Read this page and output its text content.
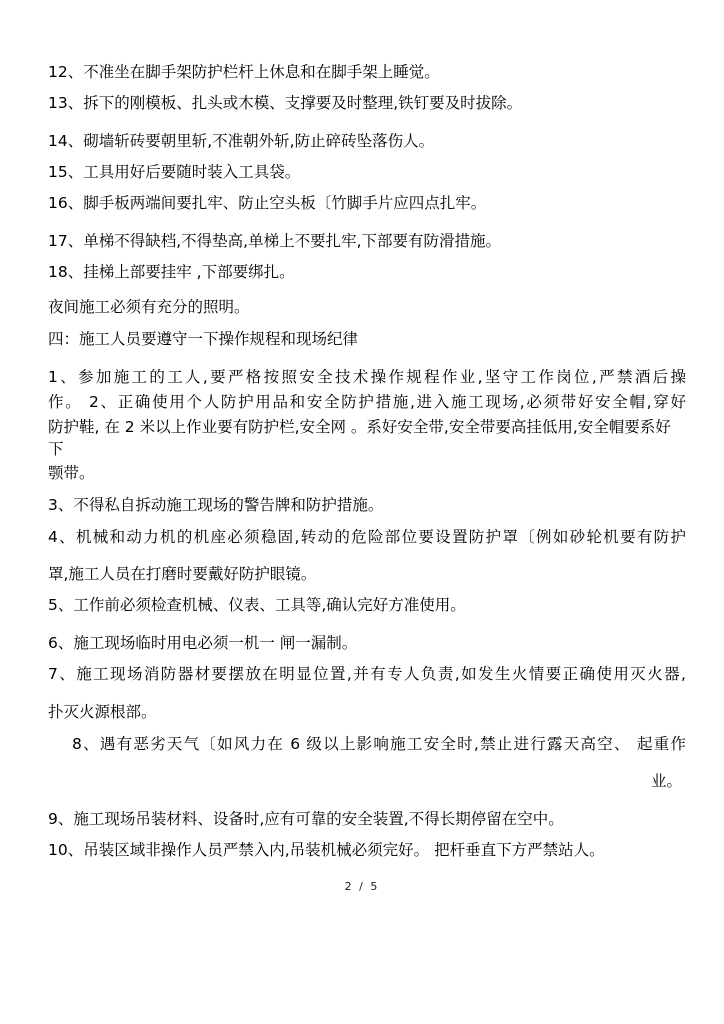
12、不准坐在脚手架防护栏杆上休息和在脚手架上睡觉。
13、拆下的刚模板、扎头或木模、支撑要及时整理,铁钉要及时拔除。
14、砌墙斩砖要朝里斩,不准朝外斩,防止碎砖坠落伤人。
15、工具用好后要随时装入工具袋。
16、脚手板两端间要扎牢、防止空头板〔竹脚手片应四点扎牢。
17、单梯不得缺档,不得垫高,单梯上不要扎牢,下部要有防滑措施。
18、挂梯上部要挂牢 ,下部要绑扎。
夜间施工必须有充分的照明。
四：施工人员要遵守一下操作规程和现场纪律
1、参加施工的工人,要严格按照安全技术操作规程作业,坚守工作岗位,严禁酒后操
作。 2、正确使用个人防护用品和安全防护措施,进入施工现场,必须带好安全帽,穿好
防护鞋, 在 2 米以上作业要有防护栏,安全网 。系好安全带,安全带要高挂低用,安全帽要系好下
颚带。
3、不得私自拆动施工现场的警告牌和防护措施。
4、机械和动力机的机座必须稳固,转动的危险部位要设置防护罩〔例如砂轮机要有防护
罩,施工人员在打磨时要戴好防护眼镜。
5、工作前必须检查机械、仪表、工具等,确认完好方准使用。
6、施工现场临时用电必须一机一 闸一漏制。
7、施工现场消防器材要摆放在明显位置,并有专人负责,如发生火情要正确使用灭火器,
扑灭火源根部。
8、遇有恶劣天气〔如风力在 6 级以上影响施工安全时,禁止进行露天高空、 起重作
业。
9、施工现场吊装材料、设备时,应有可靠的安全装置,不得长期停留在空中。
10、吊装区域非操作人员严禁入内,吊装机械必须完好。 把杆垂直下方严禁站人。
2 / 5
